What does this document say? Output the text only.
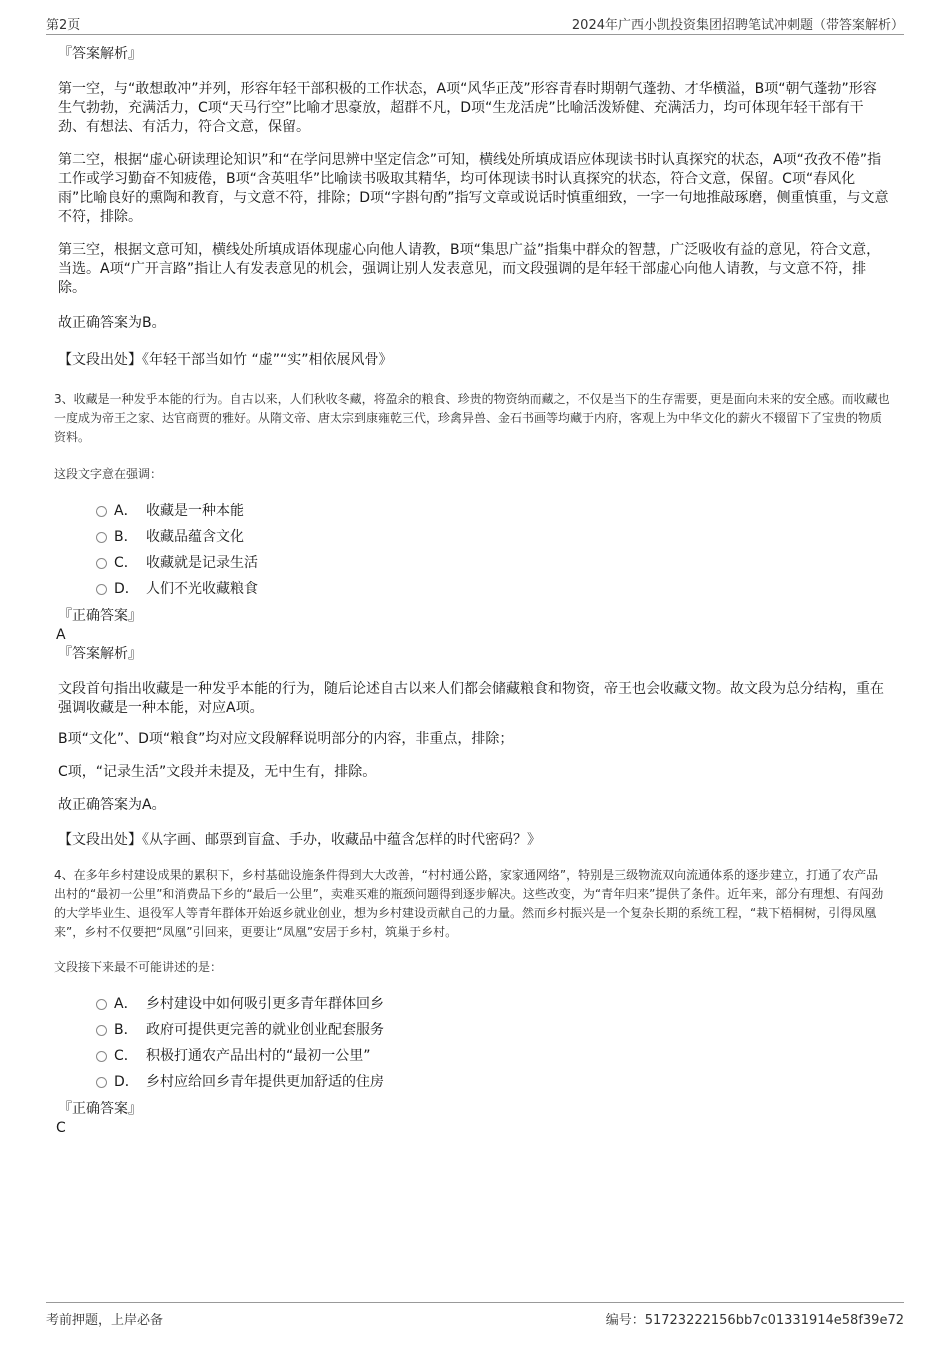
第2页	2024年广西小凯投资集团招聘笔试冲刺题（带答案解析）

『答案解析』

第一空，与“敢想敢冲”并列，形容年轻干部积极的工作状态，A项“风华正茂”形容青春时期朝气蓬勃、才华横溢，B项“朝气蓬勃”形容生气勃勃，充满活力，C项“天马行空”比喻才思豪放，超群不凡，D项“生龙活虎”比喻活泼矫健、充满活力，均可体现年轻干部有干劲、有想法、有活力，符合文意，保留。

第二空，根据“虚心研读理论知识”和“在学问思辨中坚定信念”可知，横线处所填成语应体现读书时认真探究的状态，A项“孜孜不倦”指工作或学习勤奋不知疲倦，B项“含英咀华”比喻读书吸取其精华，均可体现读书时认真探究的状态，符合文意，保留。C项“春风化雨”比喻良好的熏陶和教育，与文意不符，排除；D项“字斟句酌”指写文章或说话时慎重细致，一字一句地推敲琢磨，侧重慎重，与文意不符，排除。

第三空，根据文意可知，横线处所填成语体现虚心向他人请教，B项“集思广益”指集中群众的智慧，广泛吸收有益的意见，符合文意，当选。A项“广开言路”指让人有发表意见的机会，强调让别人发表意见，而文段强调的是年轻干部虚心向他人请教，与文意不符，排除。

故正确答案为B。

【文段出处】《年轻干部当如竹 “虚”“实”相依展风骨》

3、收藏是一种发乎本能的行为。自古以来，人们秋收冬藏，将盈余的粮食、珍贵的物资纳而藏之，不仅是当下的生存需要，更是面向未来的安全感。而收藏也一度成为帝王之家、达官商贾的雅好。从隋文帝、唐太宗到康雍乾三代，珍禽异兽、金石书画等均藏于内府，客观上为中华文化的薪火不辍留下了宝贵的物质资料。

这段文字意在强调：

A． 收藏是一种本能
B． 收藏品蕴含文化
C． 收藏就是记录生活
D． 人们不光收藏粮食

『正确答案』

A

『答案解析』

文段首句指出收藏是一种发乎本能的行为，随后论述自古以来人们都会储藏粮食和物资，帝王也会收藏文物。故文段为总分结构，重在强调收藏是一种本能，对应A项。

B项“文化”、D项“粮食”均对应文段解释说明部分的内容，非重点，排除；

C项，“记录生活”文段并未提及，无中生有，排除。

故正确答案为A。

【文段出处】《从字画、邮票到盲盒、手办，收藏品中蕴含怎样的时代密码？》

4、在多年乡村建设成果的累积下，乡村基础设施条件得到大大改善，“村村通公路，家家通网络”，特别是三级物流双向流通体系的逐步建立，打通了农产品出村的“最初一公里”和消费品下乡的“最后一公里”，卖难买难的瓶颈问题得到逐步解决。这些改变，为“青年归来”提供了条件。近年来，部分有理想、有闯劲的大学毕业生、退役军人等青年群体开始返乡就业创业，想为乡村建设贡献自己的力量。然而乡村振兴是一个复杂长期的系统工程，“栽下梧桐树，引得凤凰来”，乡村不仅要把“凤凰”引回来，更要让“凤凰”安居于乡村，筑巢于乡村。

文段接下来最不可能讲述的是：

A． 乡村建设中如何吸引更多青年群体回乡
B． 政府可提供更完善的就业创业配套服务
C． 积极打通农产品出村的“最初一公里”
D． 乡村应给回乡青年提供更加舒适的住房

『正确答案』

C

考前押题，上岸必备	编号：51723222156bb7c01331914e58f39e72
